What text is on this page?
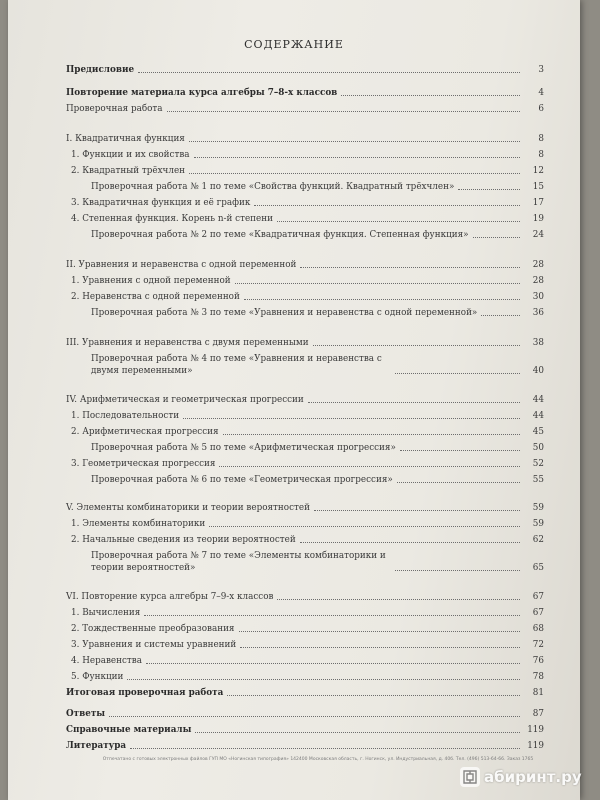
СОДЕРЖАНИЕ
Предисловие	3
Повторение материала курса алгебры 7–8-х классов	4
Проверочная работа	6
I. Квадратичная функция	8
1. Функции и их свойства	8
2. Квадратный трёхчлен	12
Проверочная работа № 1 по теме «Свойства функций. Квадратный трёхчлен»	15
3. Квадратичная функция и её график	17
4. Степенная функция. Корень n-й степени	19
Проверочная работа № 2 по теме «Квадратичная функция. Степенная функция»	24
II. Уравнения и неравенства с одной переменной	28
1. Уравнения с одной переменной	28
2. Неравенства с одной переменной	30
Проверочная работа № 3 по теме «Уравнения и неравенства с одной переменной»	36
III. Уравнения и неравенства с двумя переменными	38
Проверочная работа № 4 по теме «Уравнения и неравенства с двумя переменными»	40
IV. Арифметическая и геометрическая прогрессии	44
1. Последовательности	44
2. Арифметическая прогрессия	45
Проверочная работа № 5 по теме «Арифметическая прогрессия»	50
3. Геометрическая прогрессия	52
Проверочная работа № 6 по теме «Геометрическая прогрессия»	55
V. Элементы комбинаторики и теории вероятностей	59
1. Элементы комбинаторики	59
2. Начальные сведения из теории вероятностей	62
Проверочная работа № 7 по теме «Элементы комбинаторики и теории вероятностей»	65
VI. Повторение курса алгебры 7–9-х классов	67
1. Вычисления	67
2. Тождественные преобразования	68
3. Уравнения и системы уравнений	72
4. Неравенства	76
5. Функции	78
Итоговая проверочная работа	81
Ответы	87
Справочные материалы	119
Литература	119
Отпечатано с готовых электронных файлов ГУП МО «Ногинская типография» 142400 Московская область, г. Ногинск, ул. Индустриальная, д. 40б. Тел. (496) 513-64-66. Заказ 1765
абиринт.ру
